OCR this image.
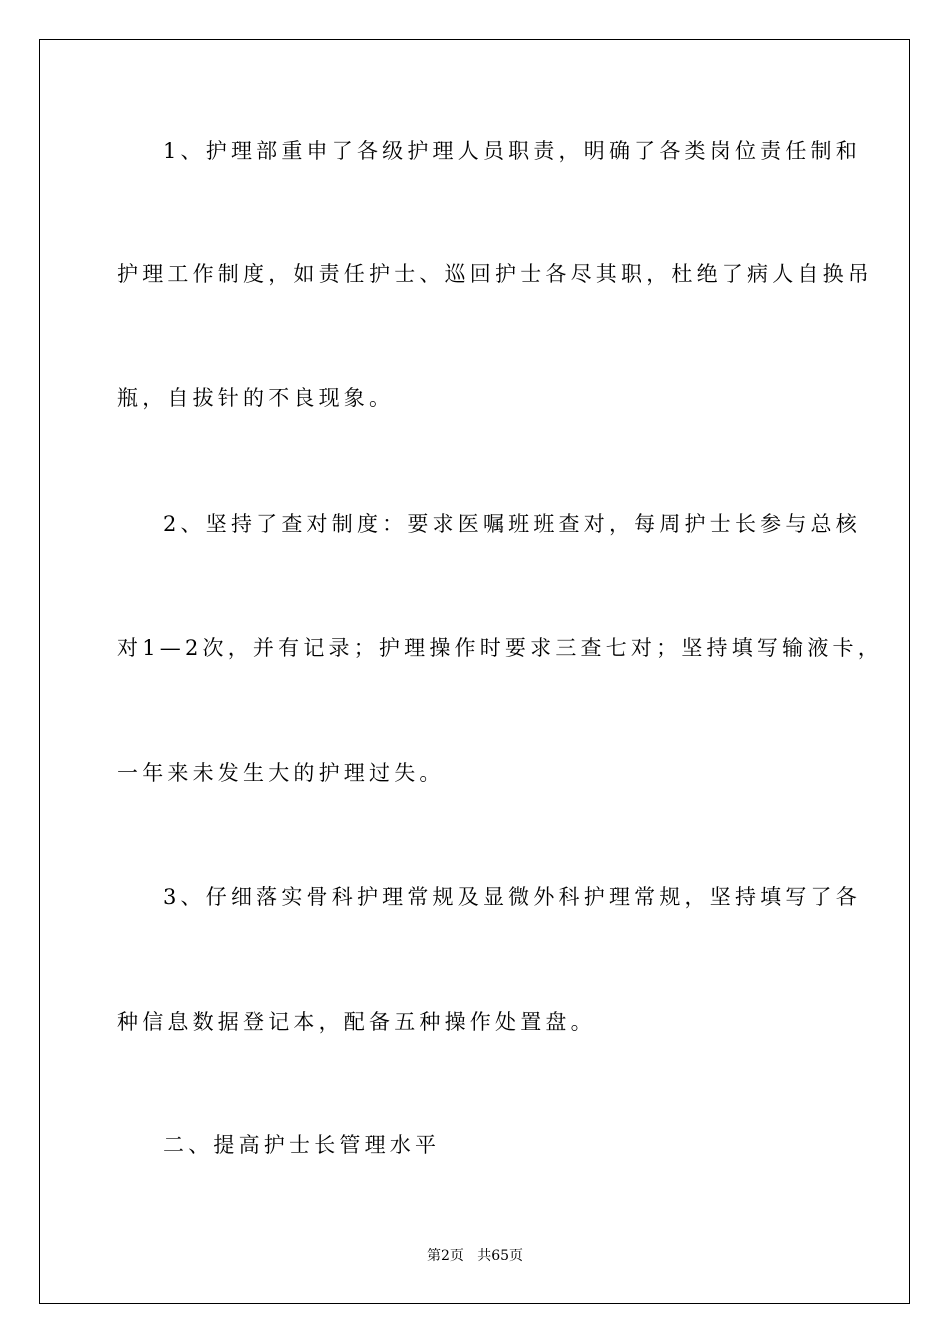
1、护理部重申了各级护理人员职责，明确了各类岗位责任制和
护理工作制度，如责任护士、巡回护士各尽其职，杜绝了病人自换吊
瓶，自拔针的不良现象。
2、坚持了查对制度：要求医嘱班班查对，每周护士长参与总核
对1—2次，并有记录；护理操作时要求三查七对；坚持填写输液卡，
一年来未发生大的护理过失。
3、仔细落实骨科护理常规及显微外科护理常规，坚持填写了各
种信息数据登记本，配备五种操作处置盘。
二、提高护士长管理水平
第2页   共65页
